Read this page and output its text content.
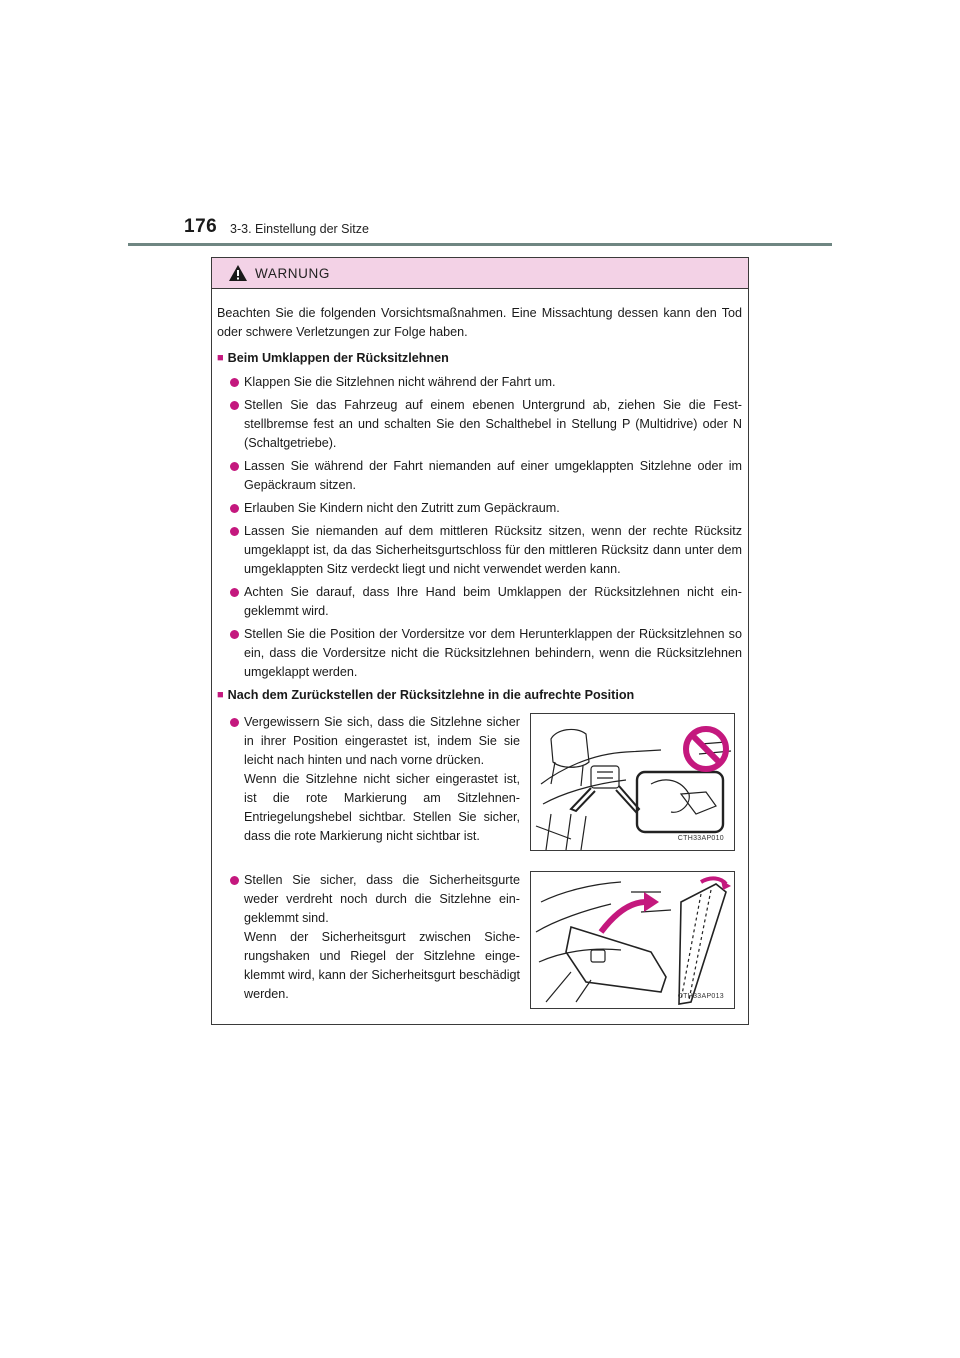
176 3-3. Einstellung der Sitze
WARNUNG
Beachten Sie die folgenden Vorsichtsmaßnahmen. Eine Missachtung dessen kann den Tod oder schwere Verletzungen zur Folge haben.
■ Beim Umklappen der Rücksitzlehnen
Klappen Sie die Sitzlehnen nicht während der Fahrt um.
Stellen Sie das Fahrzeug auf einem ebenen Untergrund ab, ziehen Sie die Feststellbremse fest an und schalten Sie den Schalthebel in Stellung P (Multidrive) oder N (Schaltgetriebe).
Lassen Sie während der Fahrt niemanden auf einer umgeklappten Sitzlehne oder im Gepäckraum sitzen.
Erlauben Sie Kindern nicht den Zutritt zum Gepäckraum.
Lassen Sie niemanden auf dem mittleren Rücksitz sitzen, wenn der rechte Rücksitz umgeklappt ist, da das Sicherheitsgurtschloss für den mittleren Rücksitz dann unter dem umgeklappten Sitz verdeckt liegt und nicht verwendet werden kann.
Achten Sie darauf, dass Ihre Hand beim Umklappen der Rücksitzlehnen nicht eingeklemmt wird.
Stellen Sie die Position der Vordersitze vor dem Herunterklappen der Rücksitzlehnen so ein, dass die Vordersitze nicht die Rücksitzlehnen behindern, wenn die Rücksitzlehnen umgeklappt werden.
■ Nach dem Zurückstellen der Rücksitzlehne in die aufrechte Position
Vergewissern Sie sich, dass die Sitzlehne sicher in ihrer Position eingerastet ist, indem Sie sie leicht nach hinten und nach vorne drücken.
Wenn die Sitzlehne nicht sicher eingerastet ist, ist die rote Markierung am SitzlehnenEntriegelungshebel sichtbar. Stellen Sie sicher, dass die rote Markierung nicht sichtbar ist.	CTH33AP010
Stellen Sie sicher, dass die Sicherheitsgurte weder verdreht noch durch die Sitzlehne eingeklemmt sind.
Wenn der Sicherheitsgurt zwischen Sicherungshaken und Riegel der Sitzlehne eingeklemmt wird, kann der Sicherheitsgurt beschädigt werden.	CTH33AP013
